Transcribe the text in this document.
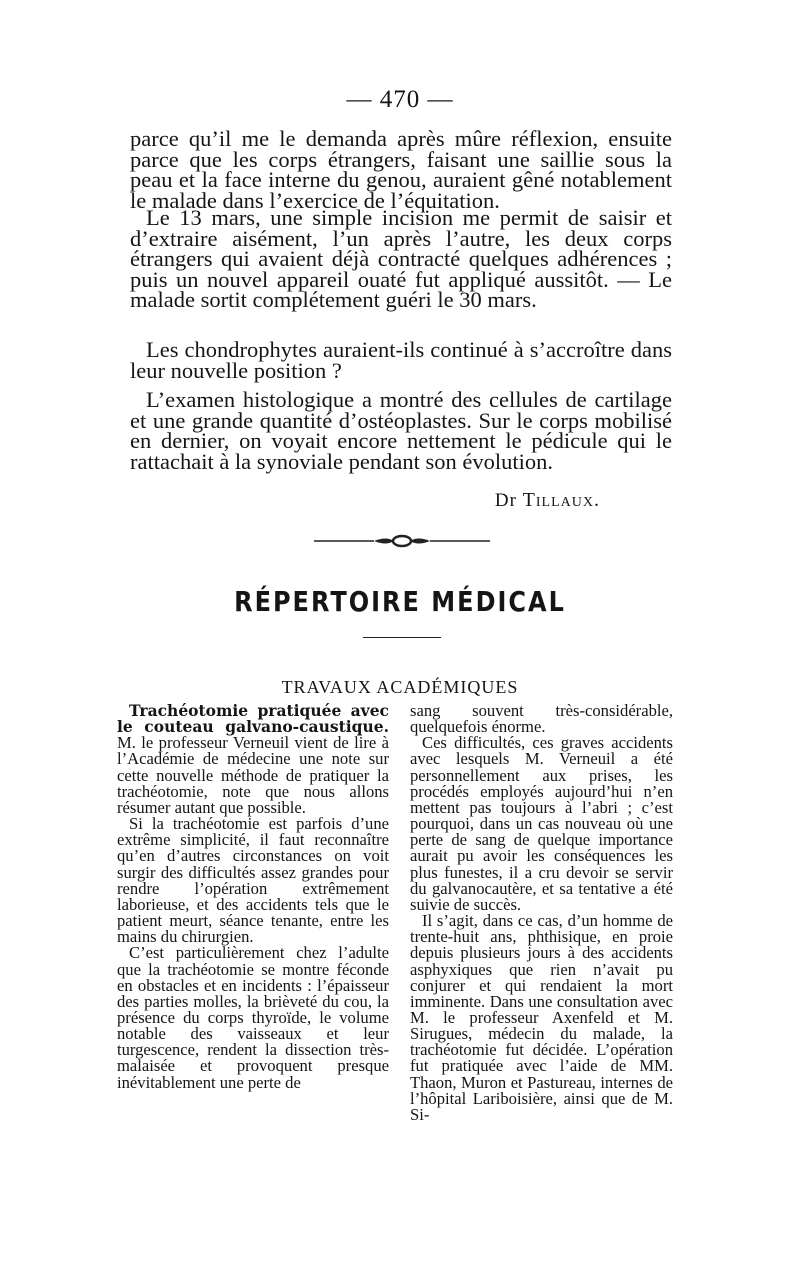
— 470 —

parce qu’il me le demanda après mûre réflexion, ensuite parce que les corps étrangers, faisant une saillie sous la peau et la face interne du genou, auraient gêné notablement le malade dans l’exercice de l’équitation.

Le 13 mars, une simple incision me permit de saisir et d’extraire aisément, l’un après l’autre, les deux corps étrangers qui avaient déjà contracté quelques adhérences ; puis un nouvel appareil ouaté fut appliqué aussitôt. — Le malade sortit complétement guéri le 30 mars.

Les chondrophytes auraient-ils continué à s’accroître dans leur nouvelle position ?

L’examen histologique a montré des cellules de cartilage et une grande quantité d’ostéoplastes. Sur le corps mobilisé en dernier, on voyait encore nettement le pédicule qui le rattachait à la synoviale pendant son évolution.

Dr Tillaux.
RÉPERTOIRE MÉDICAL
TRAVAUX ACADÉMIQUES

Trachéotomie pratiquée avec le couteau galvano-caustique. M. le professeur Verneuil vient de lire à l’Académie de médecine une note sur cette nouvelle méthode de pratiquer la trachéotomie, note que nous allons résumer autant que possible.

Si la trachéotomie est parfois d’une extrême simplicité, il faut reconnaître qu’en d’autres circonstances on voit surgir des difficultés assez grandes pour rendre l’opération extrêmement laborieuse, et des accidents tels que le patient meurt, séance tenante, entre les mains du chirurgien.

C’est particulièrement chez l’adulte que la trachéotomie se montre féconde en obstacles et en incidents : l’épaisseur des parties molles, la brièveté du cou, la présence du corps thyroïde, le volume notable des vaisseaux et leur turgescence, rendent la dissection très-malaisée et provoquent presque inévitablement une perte de

sang souvent très-considérable, quelquefois énorme.

Ces difficultés, ces graves accidents avec lesquels M. Verneuil a été personnellement aux prises, les procédés employés aujourd’hui n’en mettent pas toujours à l’abri ; c’est pourquoi, dans un cas nouveau où une perte de sang de quelque importance aurait pu avoir les conséquences les plus funestes, il a cru devoir se servir du galvanocautère, et sa tentative a été suivie de succès.

Il s’agit, dans ce cas, d’un homme de trente-huit ans, phthisique, en proie depuis plusieurs jours à des accidents asphyxiques que rien n’avait pu conjurer et qui rendaient la mort imminente. Dans une consultation avec M. le professeur Axenfeld et M. Sirugues, médecin du malade, la trachéotomie fut décidée. L’opération fut pratiquée avec l’aide de MM. Thaon, Muron et Pastureau, internes de l’hôpital Lariboisière, ainsi que de M. Si-
